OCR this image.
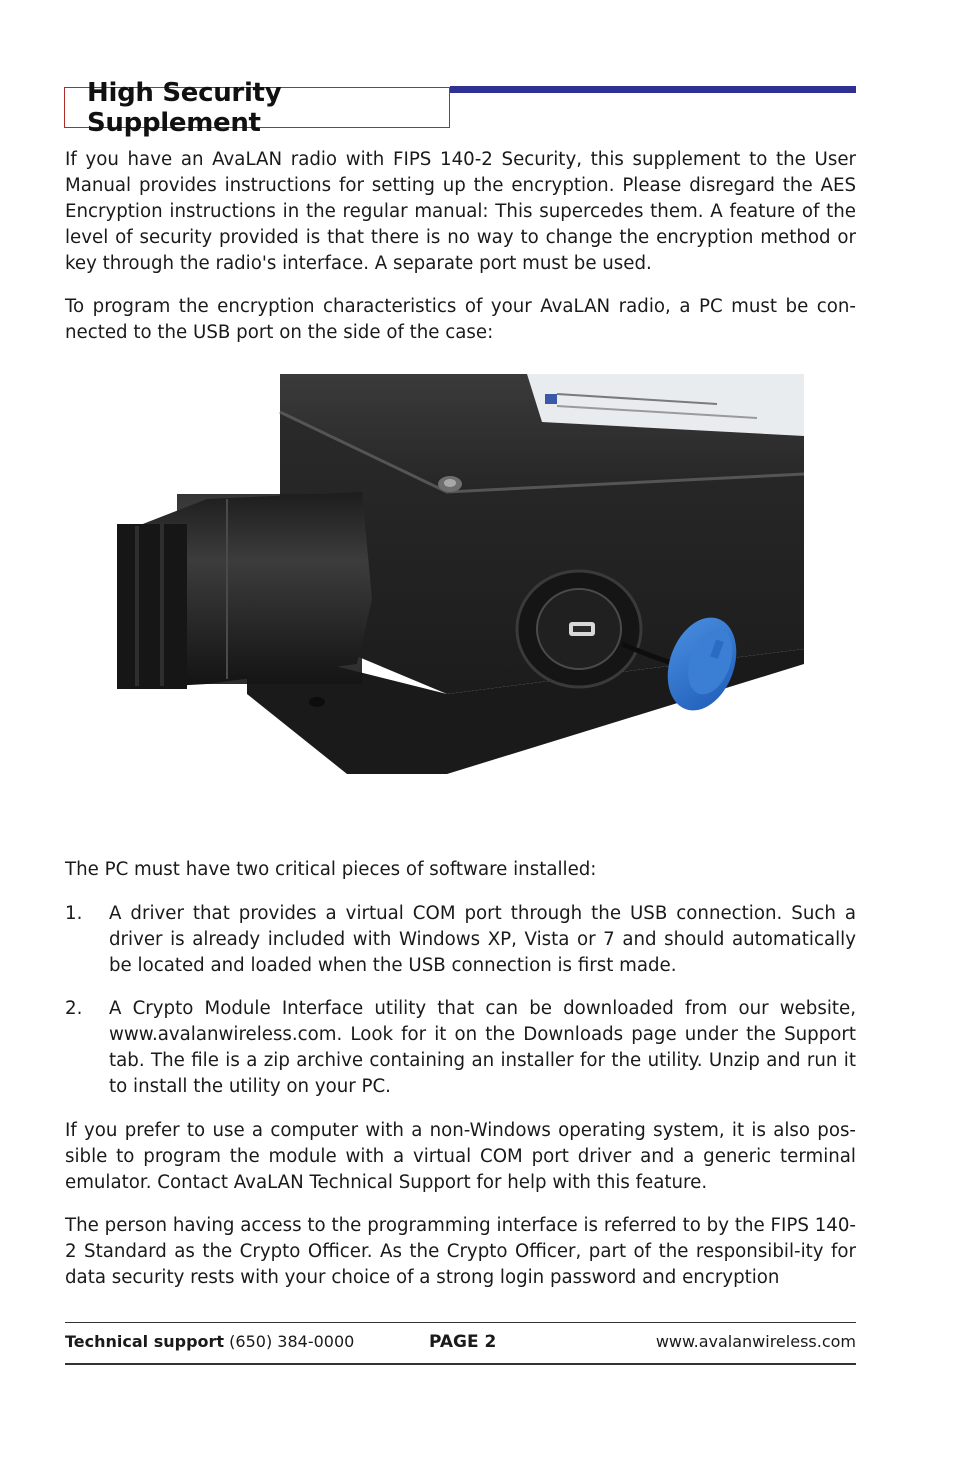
High Security Supplement

If you have an AvaLAN radio with FIPS 140-2 Security, this supplement to the User Manual provides instructions for setting up the encryption. Please disregard the AES Encryption instructions in the regular manual: This supercedes them. A feature of the level of security provided is that there is no way to change the encryption method or key through the radio's interface. A separate port must be used.

To program the encryption characteristics of your AvaLAN radio, a PC must be con-nected to the USB port on the side of the case:

The PC must have two critical pieces of software installed:

1. A driver that provides a virtual COM port through the USB connection. Such a driver is already included with Windows XP, Vista or 7 and should automatically be located and loaded when the USB connection is first made.
2. A Crypto Module Interface utility that can be downloaded from our website, www.avalanwireless.com. Look for it on the Downloads page under the Support tab. The file is a zip archive containing an installer for the utility. Unzip and run it to install the utility on your PC.

If you prefer to use a computer with a non-Windows operating system, it is also pos-sible to program the module with a virtual COM port driver and a generic terminal emulator. Contact AvaLAN Technical Support for help with this feature.

The person having access to the programming interface is referred to by the FIPS 140-2 Standard as the Crypto Officer. As the Crypto Officer, part of the responsibil-ity for data security rests with your choice of a strong login password and encryption

Technical support (650) 384-0000	PAGE 2	www.avalanwireless.com
